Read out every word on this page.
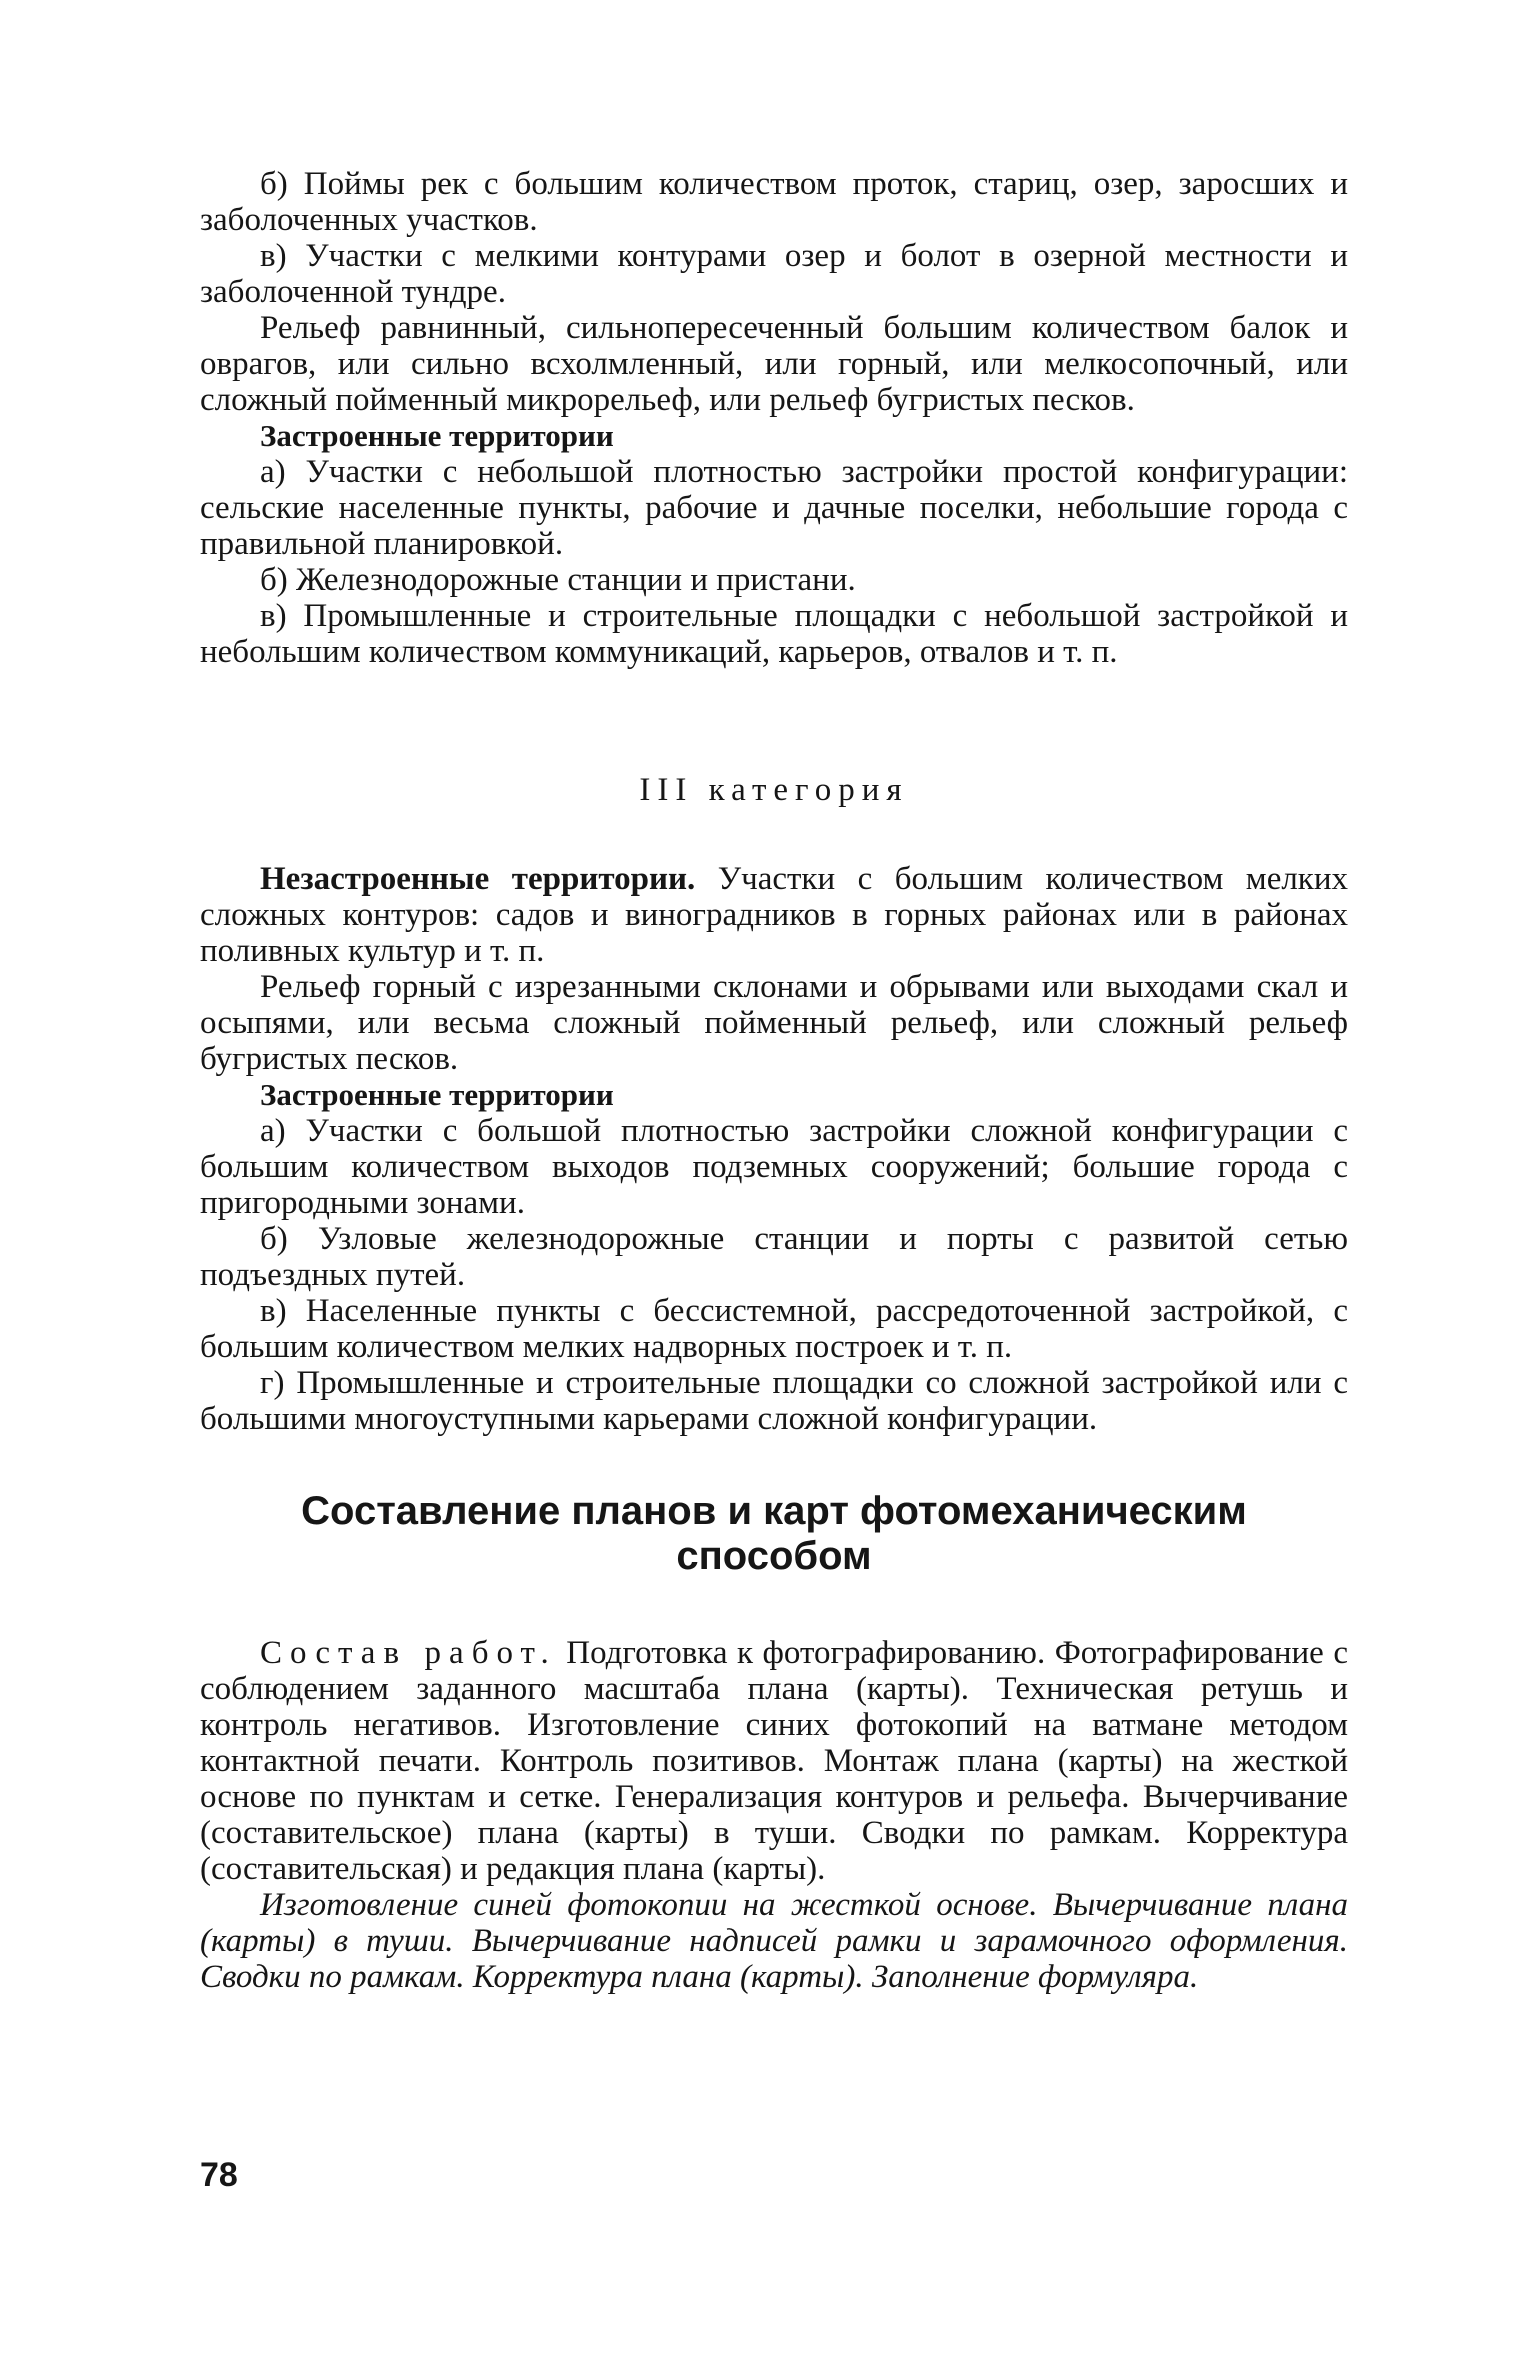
б) Поймы рек с большим количеством проток, стариц, озер, заросших и заболоченных участков.

в) Участки с мелкими контурами озер и болот в озерной местности и заболоченной тундре.

Рельеф равнинный, сильнопересеченный большим количеством балок и оврагов, или сильно всхолмленный, или горный, или мелкосопочный, или сложный пойменный микрорельеф, или рельеф бугристых песков.

Застроенные территории

а) Участки с небольшой плотностью застройки простой конфигурации: сельские населенные пункты, рабочие и дачные поселки, небольшие города с правильной планировкой.

б) Железнодорожные станции и пристани.

в) Промышленные и строительные площадки с небольшой застройкой и небольшим количеством коммуникаций, карьеров, отвалов и т. п.

III категория

Незастроенные территории. Участки с большим количеством мелких сложных контуров: садов и виноградников в горных районах или в районах поливных культур и т. п.

Рельеф горный с изрезанными склонами и обрывами или выходами скал и осыпями, или весьма сложный пойменный рельеф, или сложный рельеф бугристых песков.

Застроенные территории

а) Участки с большой плотностью застройки сложной конфигурации с большим количеством выходов подземных сооружений; большие города с пригородными зонами.

б) Узловые железнодорожные станции и порты с развитой сетью подъездных путей.

в) Населенные пункты с бессистемной, рассредоточенной застройкой, с большим количеством мелких надворных построек и т. п.

г) Промышленные и строительные площадки со сложной застройкой или с большими многоуступными карьерами сложной конфигурации.

Составление планов и карт фотомеханическим способом

Состав работ. Подготовка к фотографированию. Фотографирование с соблюдением заданного масштаба плана (карты). Техническая ретушь и контроль негативов. Изготовление синих фотокопий на ватмане методом контактной печати. Контроль позитивов. Монтаж плана (карты) на жесткой основе по пунктам и сетке. Генерализация контуров и рельефа. Вычерчивание (составительское) плана (карты) в туши. Сводки по рамкам. Корректура (составительская) и редакция плана (карты).

Изготовление синей фотокопии на жесткой основе. Вычерчивание плана (карты) в туши. Вычерчивание надписей рамки и зарамочного оформления. Сводки по рамкам. Корректура плана (карты). Заполнение формуляра.

78
